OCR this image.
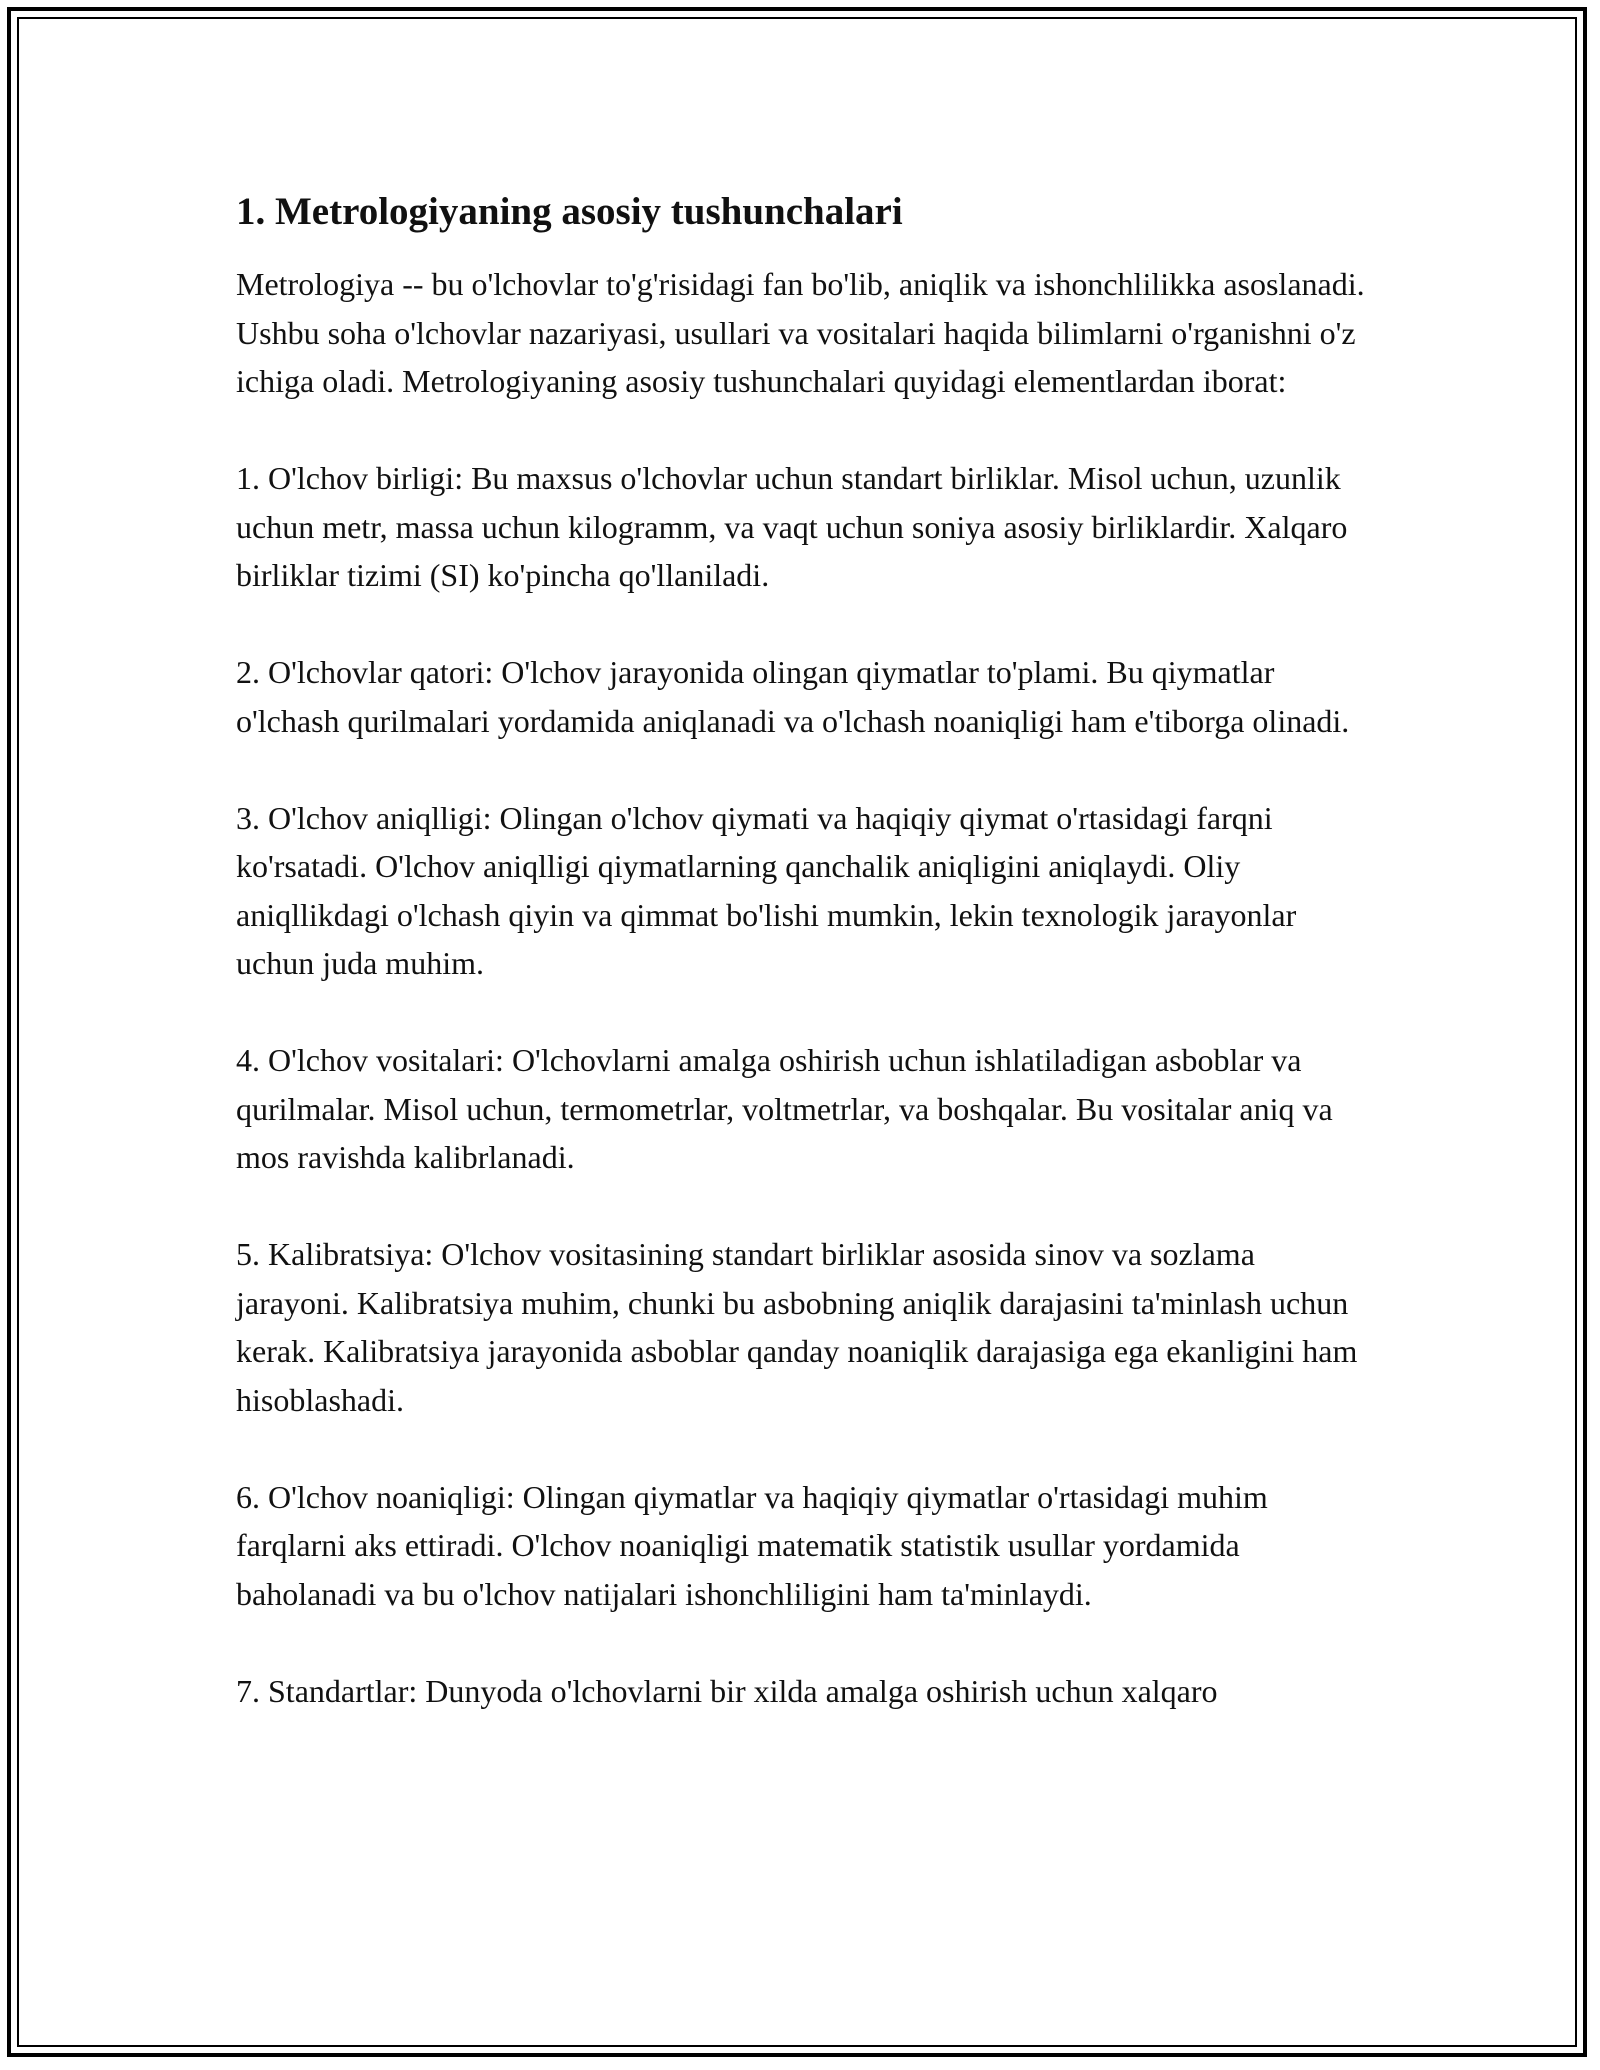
1. Metrologiyaning asosiy tushunchalari

Metrologiya -- bu o'lchovlar to'g'risidagi fan bo'lib, aniqlik va ishonchlilikka asoslanadi. Ushbu soha o'lchovlar nazariyasi, usullari va vositalari haqida bilimlarni o'rganishni o'z ichiga oladi. Metrologiyaning asosiy tushunchalari quyidagi elementlardan iborat:

1. O'lchov birligi: Bu maxsus o'lchovlar uchun standart birliklar. Misol uchun, uzunlik uchun metr, massa uchun kilogramm, va vaqt uchun soniya asosiy birliklardir. Xalqaro birliklar tizimi (SI) ko'pincha qo'llaniladi.

2. O'lchovlar qatori: O'lchov jarayonida olingan qiymatlar to'plami. Bu qiymatlar o'lchash qurilmalari yordamida aniqlanadi va o'lchash noaniqligi ham e'tiborga olinadi.

3. O'lchov aniqlligi: Olingan o'lchov qiymati va haqiqiy qiymat o'rtasidagi farqni ko'rsatadi. O'lchov aniqlligi qiymatlarning qanchalik aniqligini aniqlaydi. Oliy aniqllikdagi o'lchash qiyin va qimmat bo'lishi mumkin, lekin texnologik jarayonlar uchun juda muhim.

4. O'lchov vositalari: O'lchovlarni amalga oshirish uchun ishlatiladigan asboblar va qurilmalar. Misol uchun, termometrlar, voltmetrlar, va boshqalar. Bu vositalar aniq va mos ravishda kalibrlanadi.

5. Kalibratsiya: O'lchov vositasining standart birliklar asosida sinov va sozlama jarayoni. Kalibratsiya muhim, chunki bu asbobning aniqlik darajasini ta'minlash uchun kerak. Kalibratsiya jarayonida asboblar qanday noaniqlik darajasiga ega ekanligini ham hisoblashadi.

6. O'lchov noaniqligi: Olingan qiymatlar va haqiqiy qiymatlar o'rtasidagi muhim farqlarni aks ettiradi. O'lchov noaniqligi matematik statistik usullar yordamida baholanadi va bu o'lchov natijalari ishonchliligini ham ta'minlaydi.

7. Standartlar: Dunyoda o'lchovlarni bir xilda amalga oshirish uchun xalqaro
